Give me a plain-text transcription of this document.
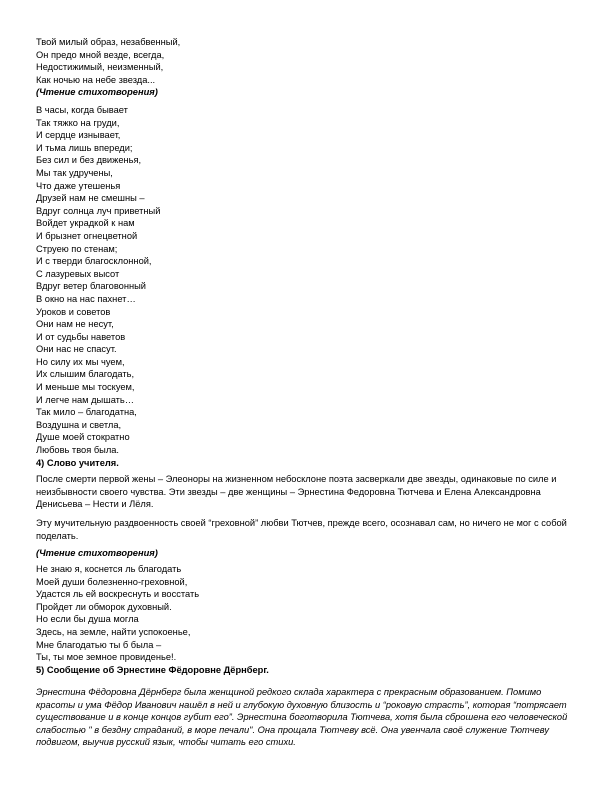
Твой милый образ, незабвенный,
Он предо мной везде, всегда,
Недостижимый, неизменный,
Как ночью на небе звезда...
(Чтение стихотворения)
В часы, когда бывает
Так тяжко на груди,
И сердце изнывает,
И тьма лишь впереди;
Без сил и без движенья,
Мы так удручены,
Что даже утешенья
Друзей нам не смешны –
Вдруг солнца луч приветный
Войдет украдкой к нам
И брызнет огнецветной
Струею по стенам;
И с тверди благосклонной,
С лазуревых высот
Вдруг ветер благовонный
В окно на нас пахнет…
Уроков и советов
Они нам не несут,
И от судьбы наветов
Они нас не спасут.
Но силу их мы чуем,
Их слышим благодать,
И меньше мы тоскуем,
И легче нам дышать…
Так мило – благодатна,
Воздушна и светла,
Душе моей стократно
Любовь твоя была.
4) Слово учителя.
После смерти первой жены – Элеоноры на жизненном небосклоне поэта засверкали две звезды, одинаковые по силе и неизбывности своего чувства. Эти звезды – две женщины – Эрнестина Федоровна Тютчева и Елена Александровна Денисьева – Нести и Лёля.
Эту мучительную раздвоенность своей “греховной” любви Тютчев, прежде всего, осознавал сам, но ничего не мог с собой поделать.
(Чтение стихотворения)
Не знаю я, коснется ль благодать
Моей души болезненно-греховной,
Удастся ль ей воскреснуть и восстать
Пройдет ли обморок духовный.
Но если бы душа могла
Здесь, на земле, найти успокоенье,
Мне благодатью ты б была –
Ты, ты мое земное провиденье!.
5) Сообщение об Эрнестине Фёдоровне Дёрнберг.
Эрнестина Фёдоровна Дёрнберг была женщиной редкого склада характера с прекрасным образованием. Помимо красоты и ума Фёдор Иванович нашёл в ней и глубокую духовную близость и “роковую страсть”, которая “потрясает существование и в конце концов губит его”. Эрнестина боготворила Тютчева, хотя была сброшена его человеческой слабостью " в бездну страданий, в море печали". Она прощала Тютчеву всё. Она увенчала своё служение Тютчеву подвигом, выучив русский язык, чтобы читать его стихи.
